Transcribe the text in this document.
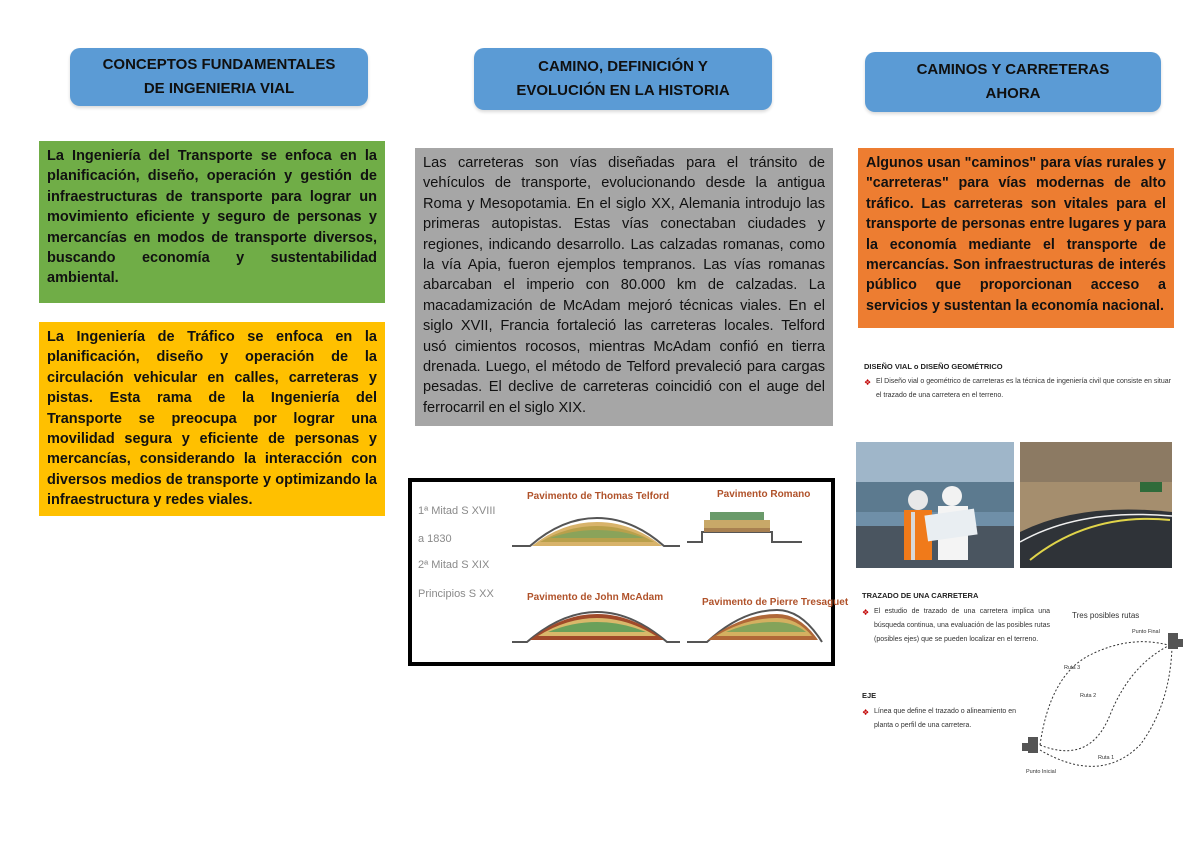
CONCEPTOS FUNDAMENTALES
DE INGENIERIA VIAL
CAMINO, DEFINICIÓN Y
EVOLUCIÓN EN LA HISTORIA
CAMINOS Y CARRETERAS
AHORA
La Ingeniería del Transporte se enfoca en la planificación, diseño, operación y gestión de infraestructuras de transporte para lograr un movimiento eficiente y seguro de personas y mercancías en modos de transporte diversos, buscando economía y sustentabilidad ambiental.
La Ingeniería de Tráfico se enfoca en la planificación, diseño y operación de la circulación vehicular en calles, carreteras y pistas. Esta rama de la Ingeniería del Transporte se preocupa por lograr una movilidad segura y eficiente de personas y mercancías, considerando la interacción con diversos medios de transporte y optimizando la infraestructura y redes viales.
Las carreteras son vías diseñadas para el tránsito de vehículos de transporte, evolucionando desde la antigua Roma y Mesopotamia. En el siglo XX, Alemania introdujo las primeras autopistas. Estas vías conectaban ciudades y regiones, indicando desarrollo. Las calzadas romanas, como la vía Apia, fueron ejemplos tempranos. Las vías romanas abarcaban el imperio con 80.000 km de calzadas. La macadamización de McAdam mejoró técnicas viales. En el siglo XVII, Francia fortaleció las carreteras locales. Telford usó cimientos rocosos, mientras McAdam confió en tierra drenada. Luego, el método de Telford prevaleció para cargas pesadas. El declive de carreteras coincidió con el auge del ferrocarril en el siglo XIX.
1ª Mitad S XVIII
a 1830
2ª Mitad S XIX
Principios S XX
Pavimento de Thomas Telford	Pavimento Romano
Pavimento de John McAdam	Pavimento de Pierre Tresaguet
Algunos usan "caminos" para vías rurales y "carreteras" para vías modernas de alto tráfico. Las carreteras son vitales para el transporte de personas entre lugares y para la economía mediante el transporte de mercancías. Son infraestructuras de interés público que proporcionan acceso a servicios y sustentan la economía nacional.
DISEÑO VIAL o DISEÑO GEOMÉTRICO
❖ El Diseño vial o geométrico de carreteras es la técnica de ingeniería civil que consiste en situar el trazado de una carretera en el terreno.
TRAZADO DE UNA CARRETERA
❖ El estudio de trazado de una carretera implica una búsqueda continua, una evaluación de las posibles rutas (posibles ejes) que se pueden localizar en el terreno.
EJE
❖ Línea que define el trazado o alineamiento en planta o perfil de una carretera.
Tres posibles rutas
Punto Final
Ruta 3
Ruta 2
Ruta 1
Punto Inicial
